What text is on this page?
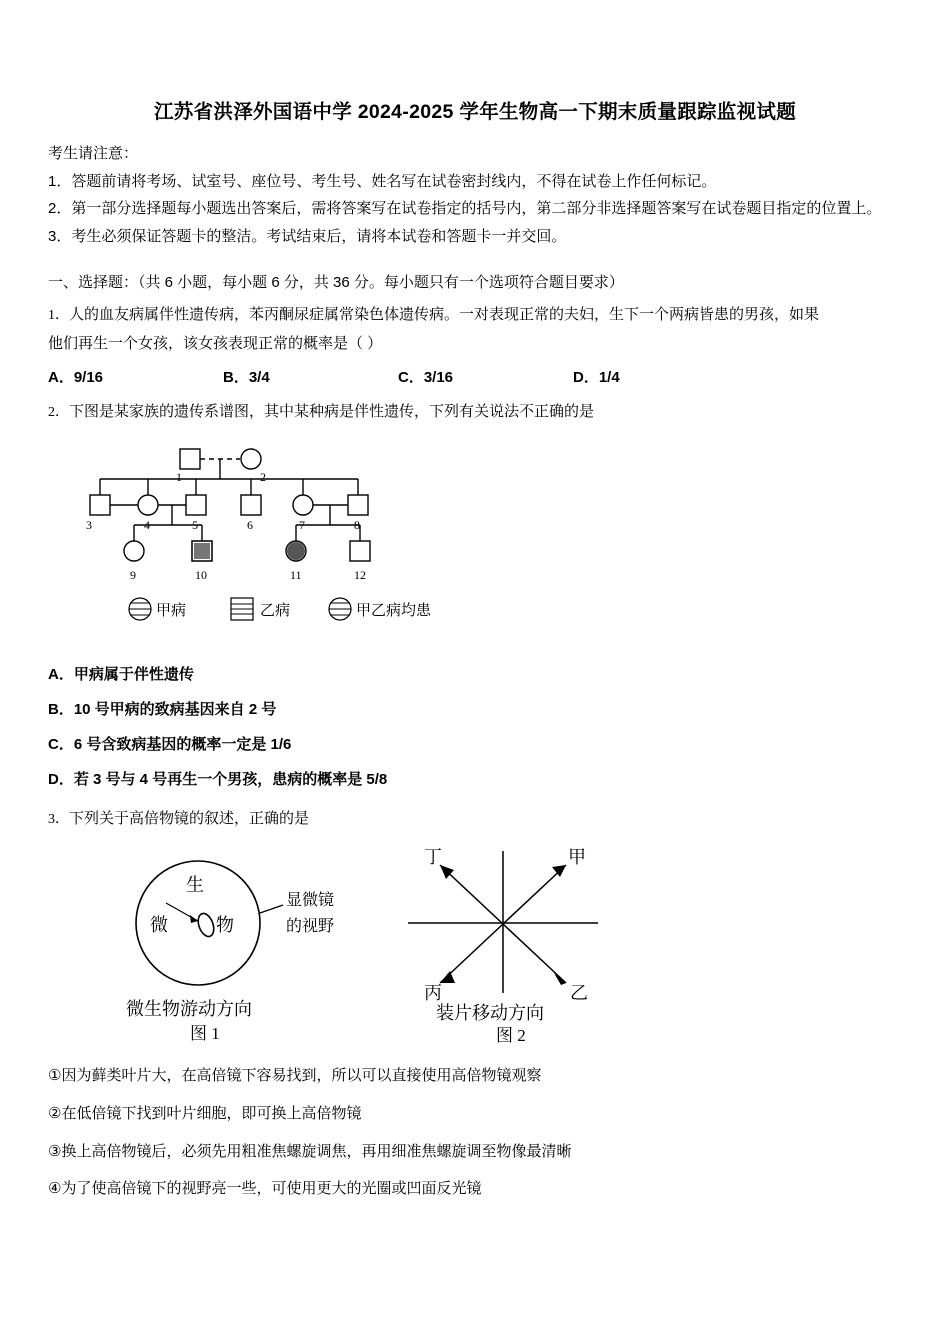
江苏省洪泽外国语中学 2024-2025 学年生物高一下期末质量跟踪监视试题

考生请注意：

1．答题前请将考场、试室号、座位号、考生号、姓名写在试卷密封线内，不得在试卷上作任何标记。

2．第一部分选择题每小题选出答案后，需将答案写在试卷指定的括号内，第二部分非选择题答案写在试卷题目指定的位置上。

3．考生必须保证答题卡的整洁。考试结束后，请将本试卷和答题卡一并交回。

一、选择题：（共 6 小题，每小题 6 分，共 36 分。每小题只有一个选项符合题目要求）

1．人的血友病属伴性遗传病，苯丙酮尿症属常染色体遗传病。一对表现正常的夫妇，生下一个两病皆患的男孩，如果

他们再生一个女孩，该女孩表现正常的概率是（ ）

A．9/16	B．3/4	C．3/16	D．1/4

2．下图是某家族的遗传系谱图，其中某种病是伴性遗传，下列有关说法不正确的是

1	2
3	4	5	6	7	8
9	10	11	12
甲病	乙病	甲乙病均患

A．甲病属于伴性遗传

B．10 号甲病的致病基因来自 2 号

C．6 号含致病基因的概率一定是 1/6

D．若 3 号与 4 号再生一个男孩，患病的概率是 5/8

3．下列关于高倍物镜的叙述，正确的是

生
微	物
显微镜
的视野
微生物游动方向
图 1
丁	甲
丙	乙
装片移动方向
图 2

①因为藓类叶片大，在高倍镜下容易找到，所以可以直接使用高倍物镜观察

②在低倍镜下找到叶片细胞，即可换上高倍物镜

③换上高倍物镜后，必须先用粗准焦螺旋调焦，再用细准焦螺旋调至物像最清晰

④为了使高倍镜下的视野亮一些，可使用更大的光圈或凹面反光镜
